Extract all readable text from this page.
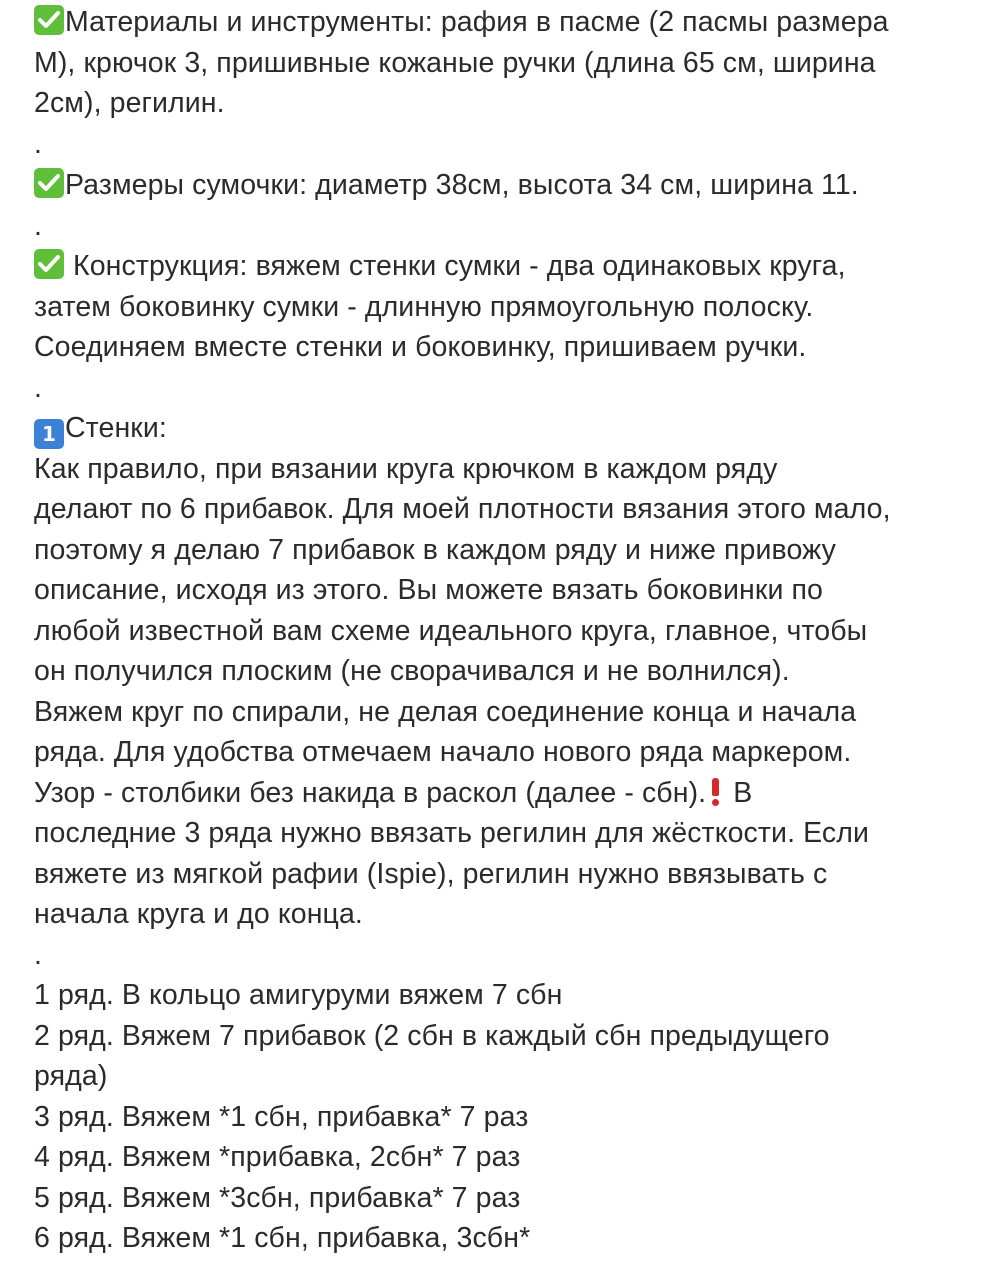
Материалы и инструменты: рафия в пасме (2 пасмы размера

М), крючок 3, пришивные кожаные ручки (длина 65 см, ширина

2см), регилин.

.

Размеры сумочки: диаметр 38см, высота 34 см, ширина 11.

.

Конструкция: вяжем стенки сумки - два одинаковых круга,

затем боковинку сумки - длинную прямоугольную полоску.

Соединяем вместе стенки и боковинку, пришиваем ручки.

.

1 Стенки:

Как правило, при вязании круга крючком в каждом ряду

делают по 6 прибавок. Для моей плотности вязания этого мало,

поэтому я делаю 7 прибавок в каждом ряду и ниже привожу

описание, исходя из этого. Вы можете вязать боковинки по

любой известной вам схеме идеального круга, главное, чтобы

он получился плоским (не сворачивался и не волнился).

Вяжем круг по спирали, не делая соединение конца и начала

ряда. Для удобства отмечаем начало нового ряда маркером.

Узор - столбики без накида в раскол (далее - сбн).
В

последние 3 ряда нужно ввязать регилин для жёсткости. Если

вяжете из мягкой рафии (Ispie), регилин нужно ввязывать с

начала круга и до конца.

.

1 ряд. В кольцо амигуруми вяжем 7 сбн

2 ряд. Вяжем 7 прибавок (2 сбн в каждый сбн предыдущего

ряда)

3 ряд. Вяжем *1 сбн, прибавка* 7 раз

4 ряд. Вяжем *прибавка, 2сбн* 7 раз

5 ряд. Вяжем *3сбн, прибавка* 7 раз

6 ряд. Вяжем *1 сбн, прибавка, 3сбн*
